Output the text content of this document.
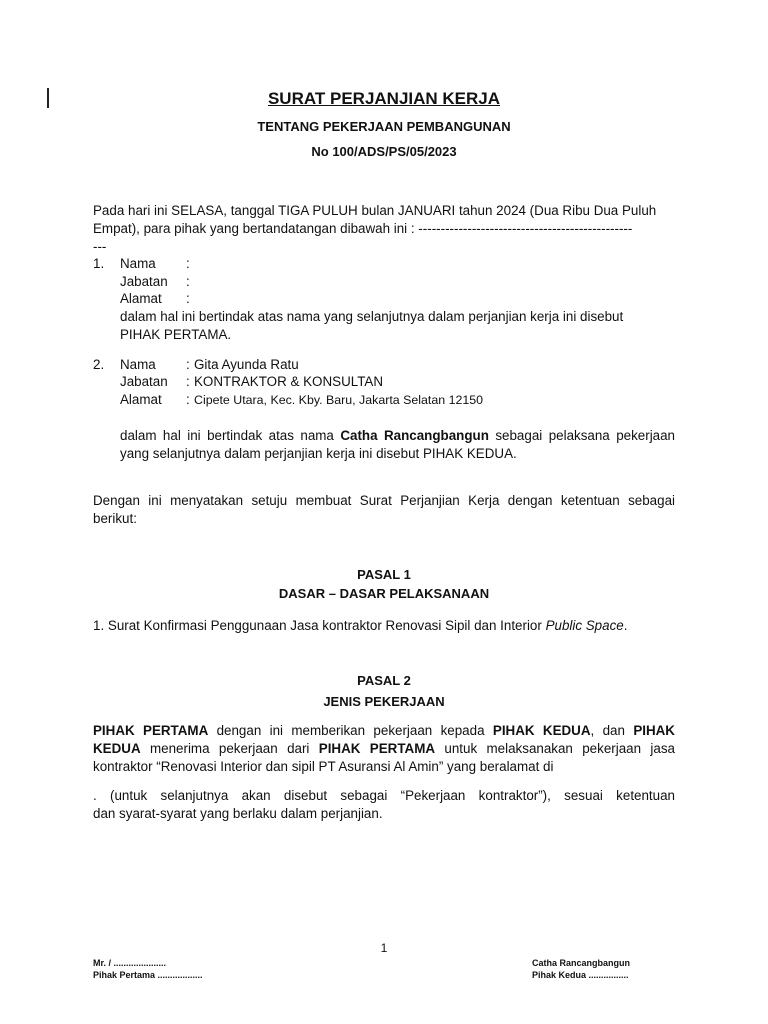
SURAT PERJANJIAN KERJA
TENTANG PEKERJAAN PEMBANGUNAN
No 100/ADS/PS/05/2023
Pada hari ini SELASA, tanggal TIGA PULUH bulan JANUARI tahun 2024 (Dua Ribu Dua Puluh
Empat), para pihak yang bertandatangan dibawah ini : ------------------------------------------------
---
1. Nama :
Jabatan :
Alamat :
dalam hal ini bertindak atas nama yang selanjutnya dalam perjanjian kerja ini disebut
PIHAK PERTAMA.
2. Nama : Gita Ayunda Ratu
Jabatan : KONTRAKTOR & KONSULTAN
Alamat : Cipete Utara, Kec. Kby. Baru, Jakarta Selatan 12150
dalam hal ini bertindak atas nama Catha Rancangbangun sebagai pelaksana pekerjaan
yang selanjutnya dalam perjanjian kerja ini disebut PIHAK KEDUA.
Dengan ini menyatakan setuju membuat Surat Perjanjian Kerja dengan ketentuan sebagai
berikut:
PASAL 1
DASAR – DASAR PELAKSANAAN
1. Surat Konfirmasi Penggunaan Jasa kontraktor Renovasi Sipil dan Interior Public Space.
PASAL 2
JENIS PEKERJAAN
PIHAK PERTAMA dengan ini memberikan pekerjaan kepada PIHAK KEDUA, dan PIHAK
KEDUA menerima pekerjaan dari PIHAK PERTAMA untuk melaksanakan pekerjaan jasa
kontraktor “Renovasi Interior dan sipil PT Asuransi Al Amin” yang beralamat di
. (untuk selanjutnya akan disebut sebagai “Pekerjaan kontraktor”), sesuai ketentuan
dan syarat-syarat yang berlaku dalam perjanjian.
1
Mr. / .....................
Pihak Pertama ..................
Catha Rancangbangun
Pihak Kedua ................
